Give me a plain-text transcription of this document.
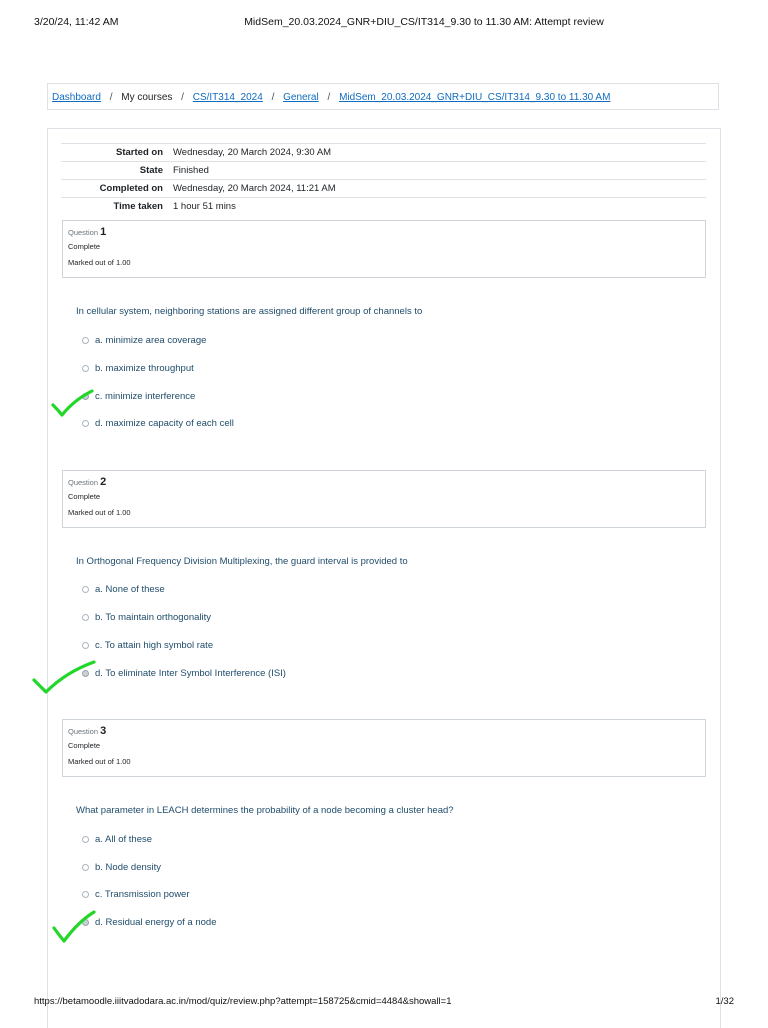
3/20/24, 11:42 AM	MidSem_20.03.2024_GNR+DIU_CS/IT314_9.30 to 11.30 AM: Attempt review
Dashboard / My courses / CS/IT314_2024 / General / MidSem_20.03.2024_GNR+DIU_CS/IT314_9.30 to 11.30 AM
Started on	Wednesday, 20 March 2024, 9:30 AM
State	Finished
Completed on	Wednesday, 20 March 2024, 11:21 AM
Time taken	1 hour 51 mins
Question 1
Complete
Marked out of 1.00
In cellular system, neighboring stations are assigned different group of channels to
a. minimize area coverage
b. maximize throughput
c. minimize interference
d. maximize capacity of each cell
Question 2
Complete
Marked out of 1.00
In Orthogonal Frequency Division Multiplexing, the guard interval is provided to
a. None of these
b. To maintain orthogonality
c. To attain high symbol rate
d. To eliminate Inter Symbol Interference (ISI)
Question 3
Complete
Marked out of 1.00
What parameter in LEACH determines the probability of a node becoming a cluster head?
a. All of these
b. Node density
c. Transmission power
d. Residual energy of a node
https://betamoodle.iiitvadodara.ac.in/mod/quiz/review.php?attempt=158725&cmid=4484&showall=1	1/32
